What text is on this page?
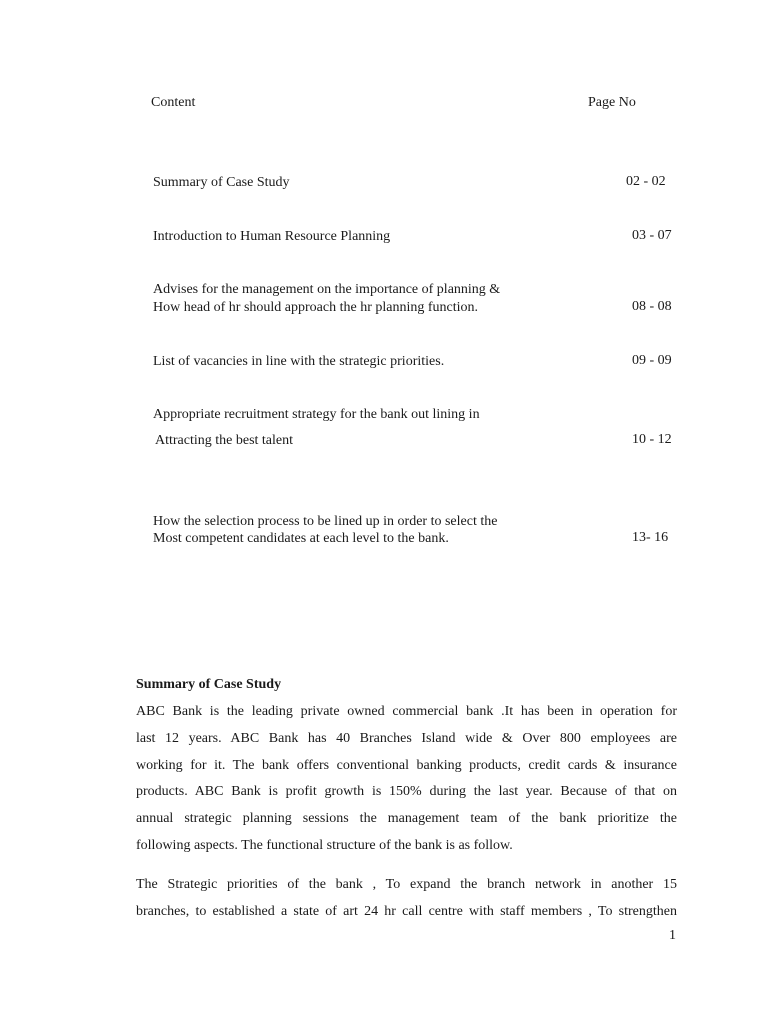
Content	Page No
Summary of Case Study	02 - 02
Introduction to Human Resource Planning	03 - 07
Advises for the management on the importance of planning &
How head of hr should approach the hr planning function.	08 - 08
List of vacancies in line with the strategic priorities.	09 - 09
Appropriate recruitment strategy for the bank out lining in
Attracting the best talent	10 - 12
How the selection process to be lined up in order to select the
Most competent candidates at each level to the bank.	13- 16
Summary of Case Study
ABC Bank is the leading private owned commercial bank .It has been in operation for
last 12 years. ABC Bank has 40 Branches Island wide & Over 800 employees are
working for it. The bank offers conventional banking products, credit cards & insurance
products. ABC Bank is profit growth is 150% during the last year. Because of that on
annual strategic planning sessions the management team of the bank prioritize the
following aspects. The functional structure of the bank is as follow.
The Strategic priorities of the bank , To expand the branch network in another 15
branches, to established a state of art 24 hr call centre with staff members , To strengthen
1
